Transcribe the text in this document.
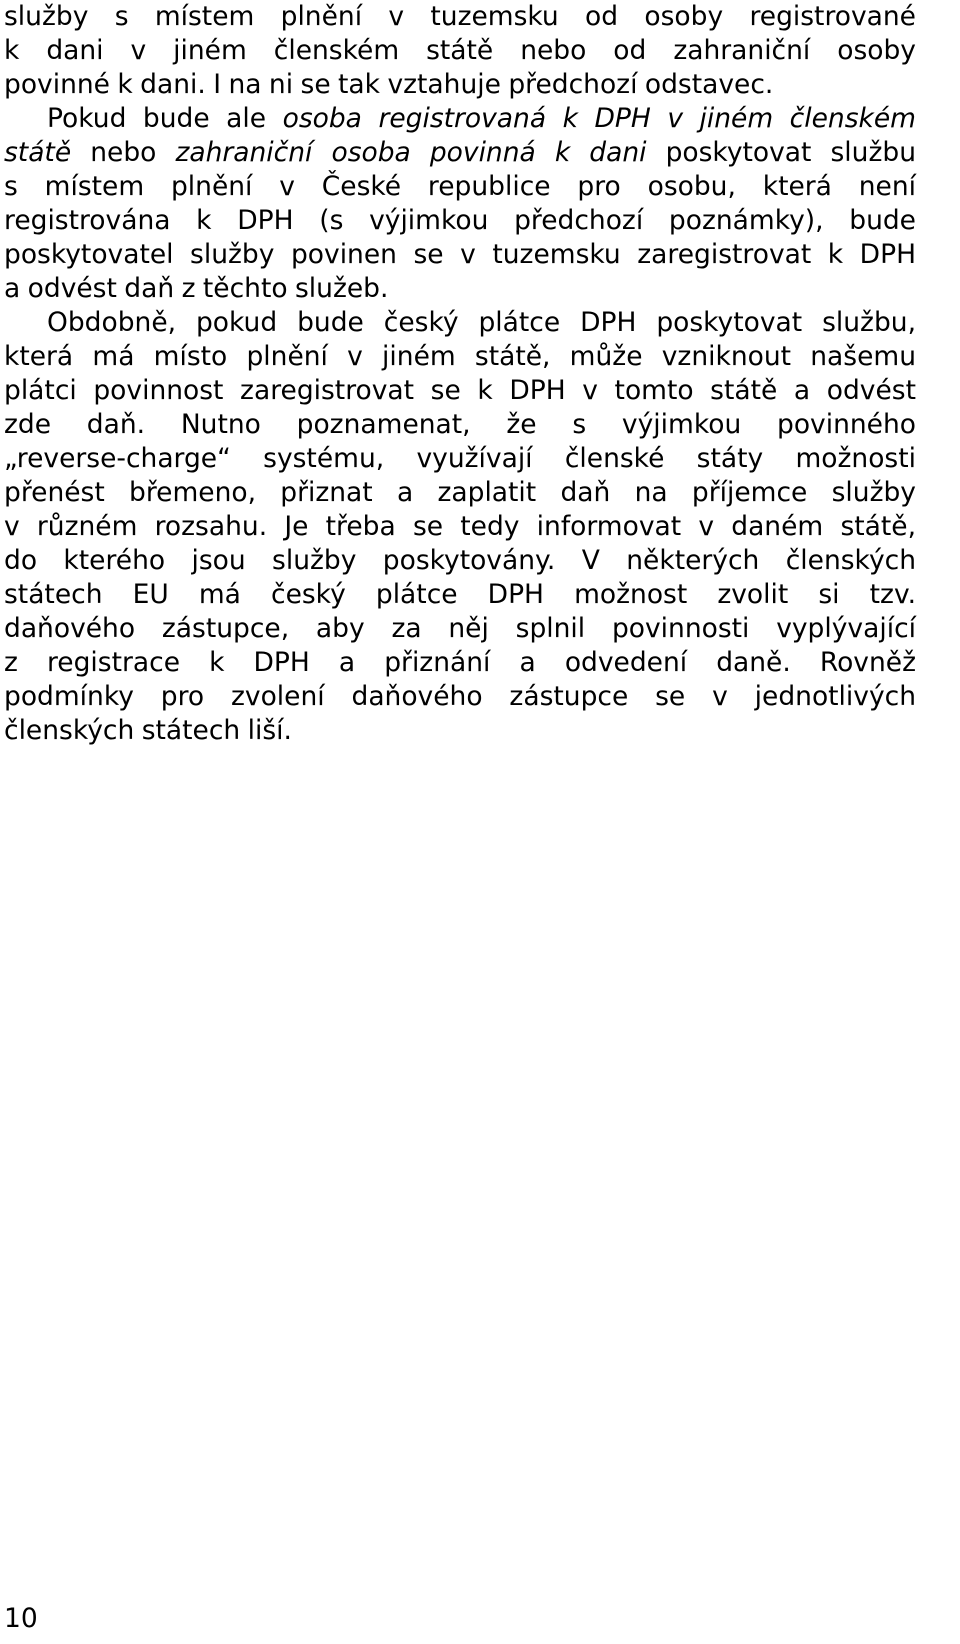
služby s místem plnění v tuzemsku od osoby registrované
k dani v jiném členském státě nebo od zahraniční osoby
povinné k dani. I na ni se tak vztahuje předchozí odstavec.
Pokud bude ale osoba registrovaná k DPH v jiném členském
státě nebo zahraniční osoba povinná k dani poskytovat službu
s místem plnění v České republice pro osobu, která není
registrována k DPH (s výjimkou předchozí poznámky), bude
poskytovatel služby povinen se v tuzemsku zaregistrovat k DPH
a odvést daň z těchto služeb.
Obdobně, pokud bude český plátce DPH poskytovat službu,
která má místo plnění v jiném státě, může vzniknout našemu
plátci povinnost zaregistrovat se k DPH v tomto státě a odvést
zde daň. Nutno poznamenat, že s výjimkou povinného
„reverse-charge“ systému, využívají členské státy možnosti
přenést břemeno, přiznat a zaplatit daň na příjemce služby
v různém rozsahu. Je třeba se tedy informovat v daném státě,
do kterého jsou služby poskytovány. V některých členských
státech EU má český plátce DPH možnost zvolit si tzv.
daňového zástupce, aby za něj splnil povinnosti vyplývající
z registrace k DPH a přiznání a odvedení daně. Rovněž
podmínky pro zvolení daňového zástupce se v jednotlivých
členských státech liší.
10
